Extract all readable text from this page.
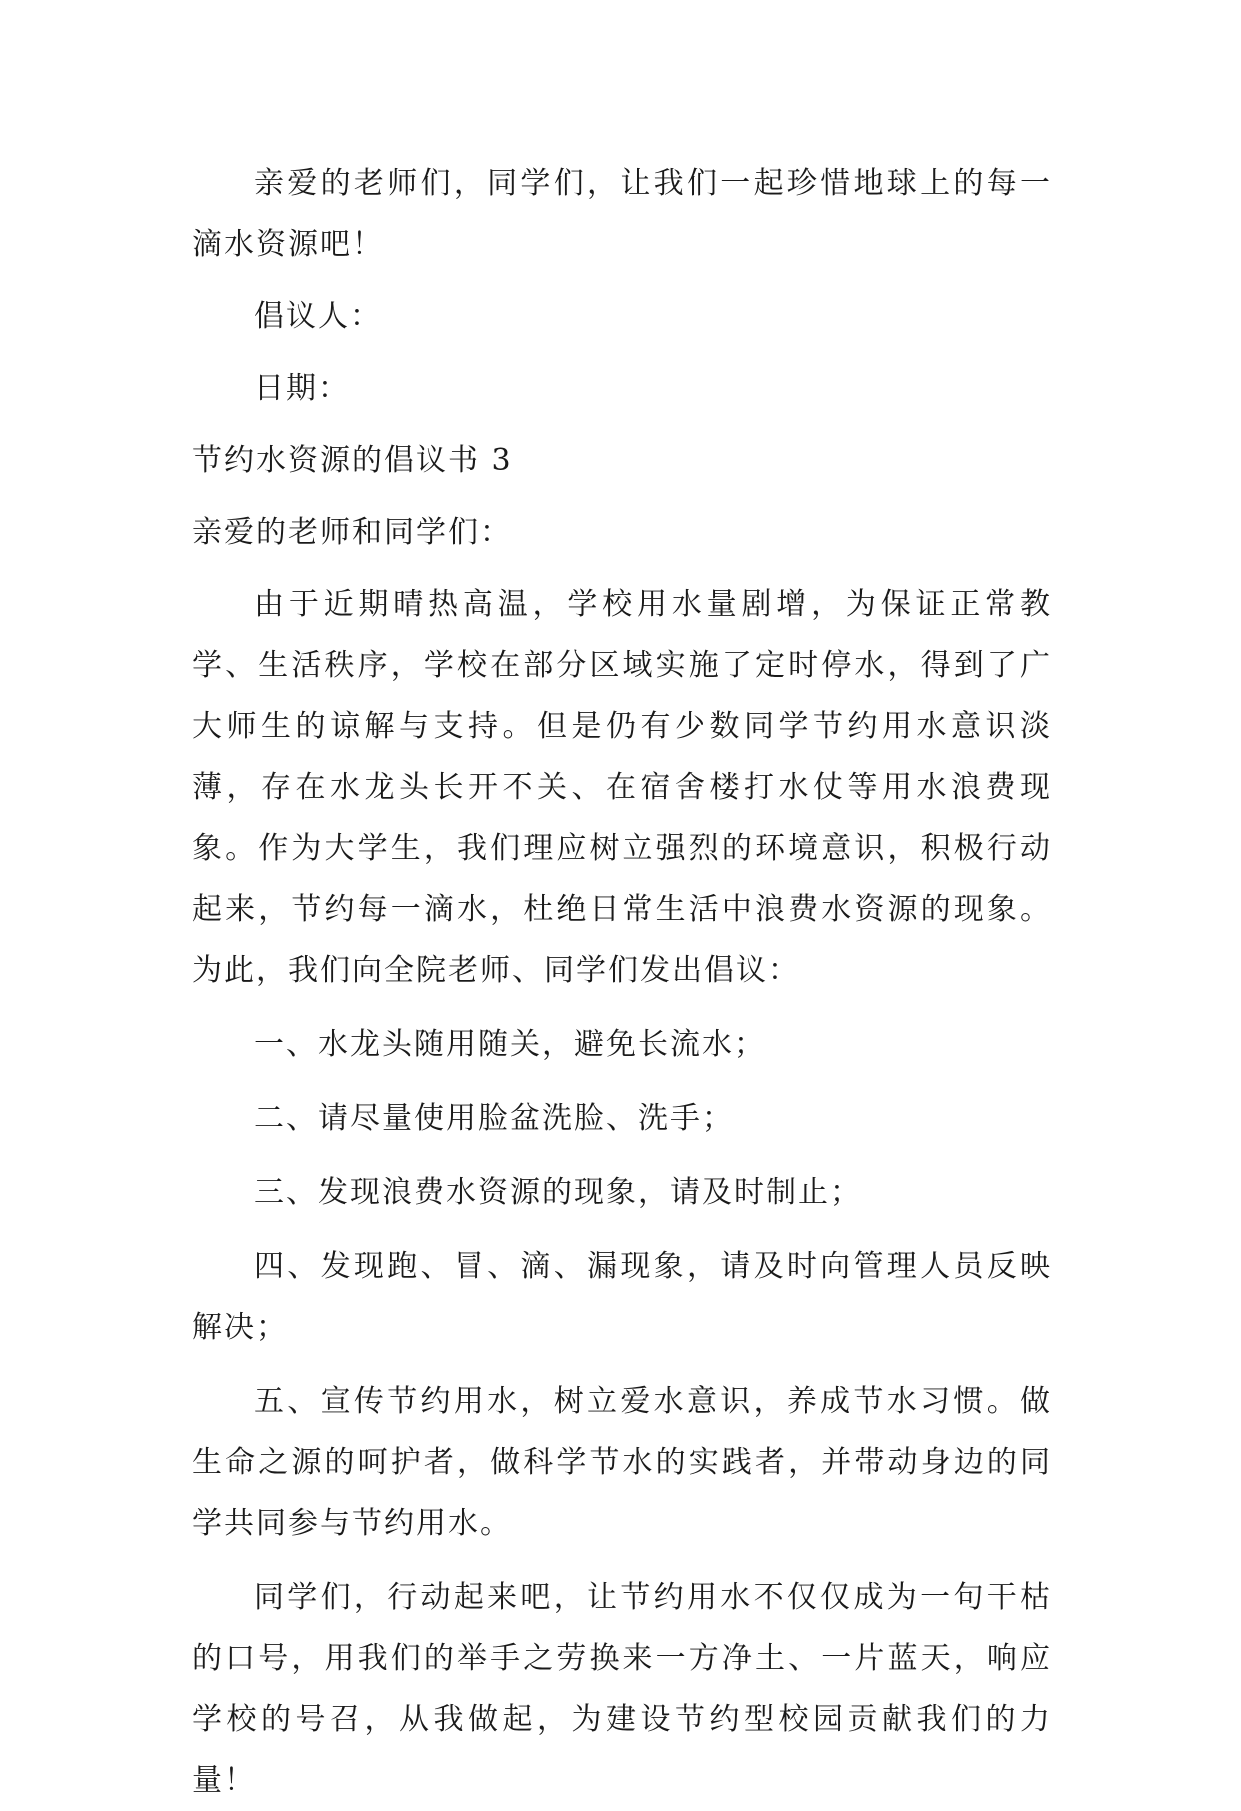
亲爱的老师们，同学们，让我们一起珍惜地球上的每一滴水资源吧！

倡议人：

日期：

节约水资源的倡议书 3

亲爱的老师和同学们：

由于近期晴热高温，学校用水量剧增，为保证正常教学、生活秩序，学校在部分区域实施了定时停水，得到了广大师生的谅解与支持。但是仍有少数同学节约用水意识淡薄，存在水龙头长开不关、在宿舍楼打水仗等用水浪费现象。作为大学生，我们理应树立强烈的环境意识，积极行动起来，节约每一滴水，杜绝日常生活中浪费水资源的现象。为此，我们向全院老师、同学们发出倡议：

一、水龙头随用随关，避免长流水；

二、请尽量使用脸盆洗脸、洗手；

三、发现浪费水资源的现象，请及时制止；

四、发现跑、冒、滴、漏现象，请及时向管理人员反映解决；

五、宣传节约用水，树立爱水意识，养成节水习惯。做生命之源的呵护者，做科学节水的实践者，并带动身边的同学共同参与节约用水。

同学们，行动起来吧，让节约用水不仅仅成为一句干枯的口号，用我们的举手之劳换来一方净土、一片蓝天，响应学校的号召，从我做起，为建设节约型校园贡献我们的力量！
